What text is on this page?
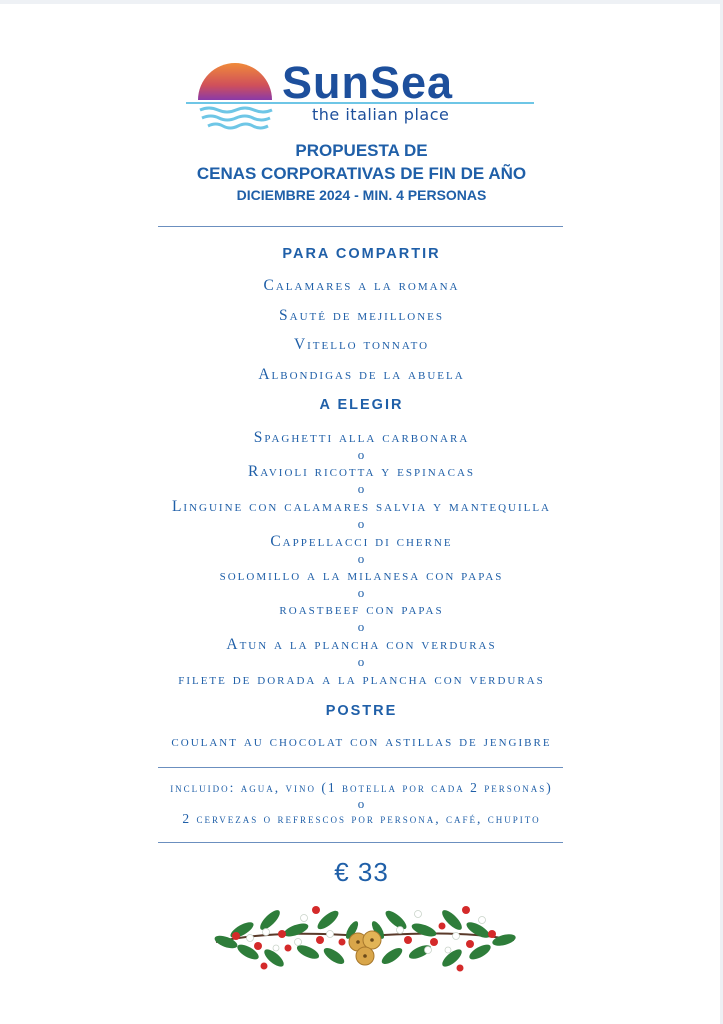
SunSea
the italian place
PROPUESTA DE
CENAS CORPORATIVAS DE FIN DE AÑO
DICIEMBRE 2024 - MIN. 4 PERSONAS
PARA COMPARTIR
Calamares a la romana
Sauté de mejillones
Vitello tonnato
Albondigas de la abuela
A ELEGIR
Spaghetti alla carbonara
o
Ravioli ricotta y espinacas
o
Linguine con calamares salvia y mantequilla
o
Cappellacci di cherne
o
solomillo a la milanesa con papas
o
roastbeef con papas
o
Atun a la plancha con verduras
o
filete de dorada a la plancha con verduras
POSTRE
coulant au chocolat con astillas de jengibre
incluido: agua, vino (1 botella por cada 2 personas)
o
2 cervezas o refrescos por persona, café, chupito
€ 33
